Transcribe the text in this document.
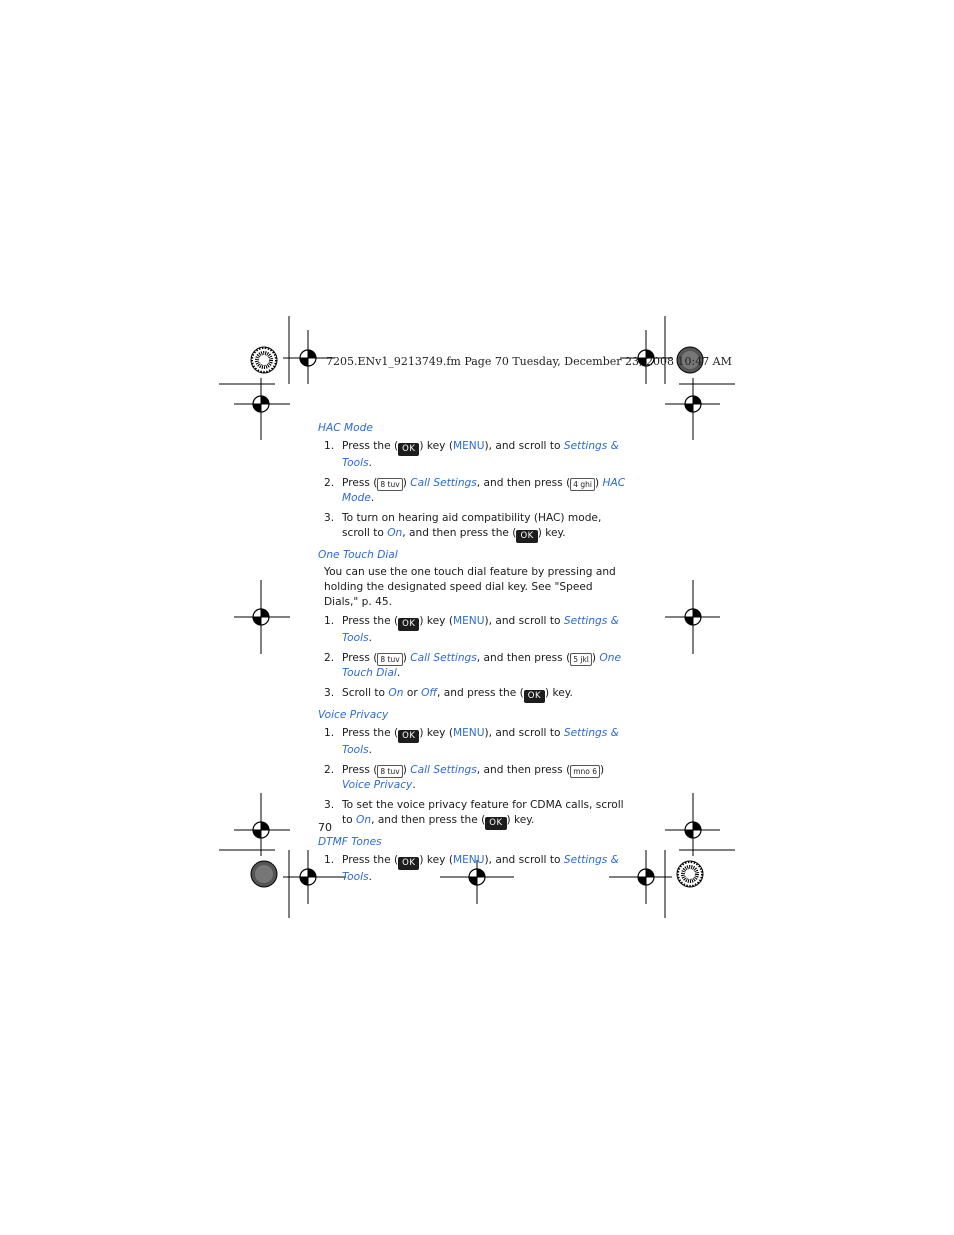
7205.ENv1_9213749.fm Page 70 Tuesday, December 23, 2008 10:47 AM
HAC Mode
1. Press the ( OK ) key (MENU), and scroll to Settings & Tools.
2. Press ( 8 tuv ) Call Settings, and then press ( 4 ghi ) HAC Mode.
3. To turn on hearing aid compatibility (HAC) mode, scroll to On, and then press the ( OK ) key.
One Touch Dial
You can use the one touch dial feature by pressing and holding the designated speed dial key. See "Speed Dials," p. 45.
1. Press the ( OK ) key (MENU), and scroll to Settings & Tools.
2. Press ( 8 tuv ) Call Settings, and then press ( 5 jkl ) One Touch Dial.
3. Scroll to On or Off, and press the ( OK ) key.
Voice Privacy
1. Press the ( OK ) key (MENU), and scroll to Settings & Tools.
2. Press ( 8 tuv ) Call Settings, and then press ( mno 6 ) Voice Privacy.
3. To set the voice privacy feature for CDMA calls, scroll to On, and then press the ( OK ) key.
DTMF Tones
1. Press the ( OK ) key (MENU), and scroll to Settings & Tools.
70
